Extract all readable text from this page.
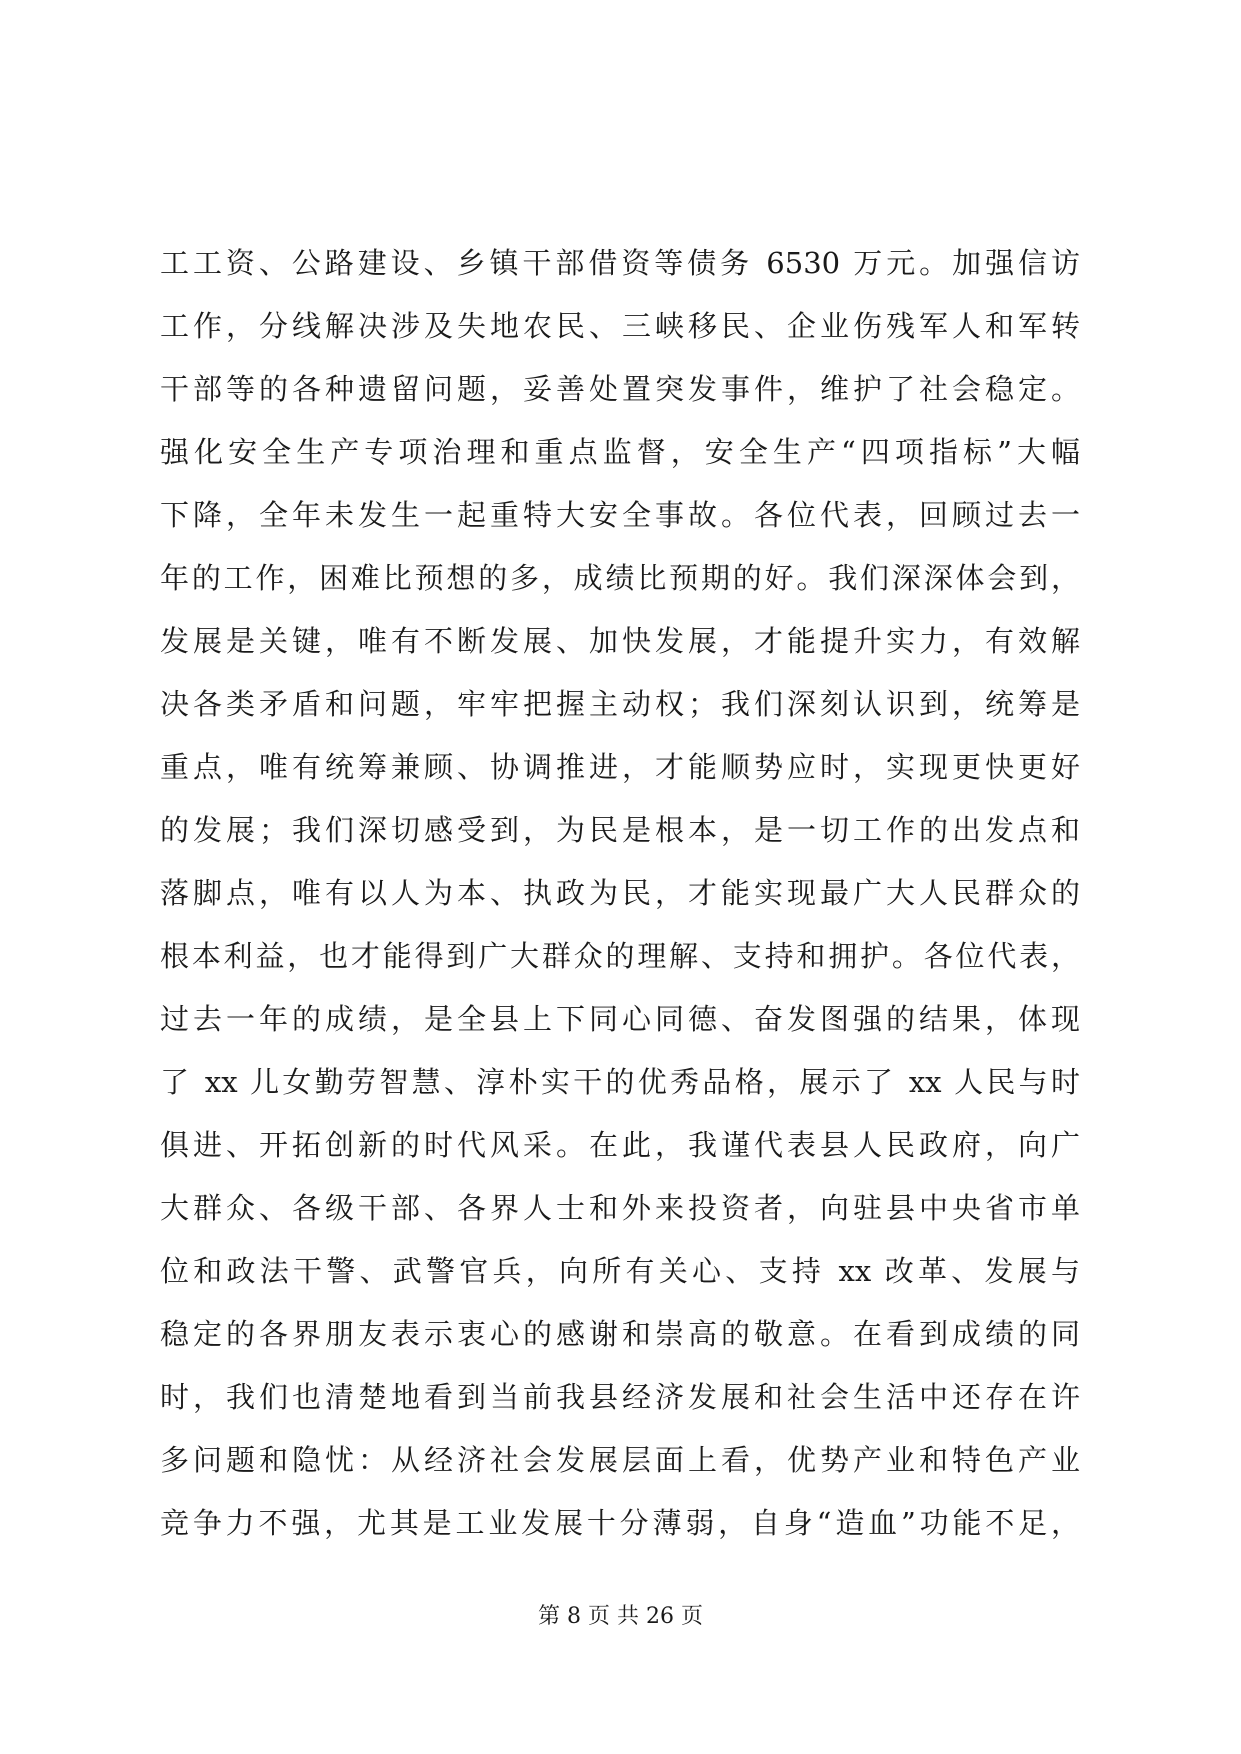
工工资、公路建设、乡镇干部借资等债务 6530 万元。加强信访
工作，分线解决涉及失地农民、三峡移民、企业伤残军人和军转
干部等的各种遗留问题，妥善处置突发事件，维护了社会稳定。
强化安全生产专项治理和重点监督，安全生产“四项指标”大幅
下降，全年未发生一起重特大安全事故。各位代表，回顾过去一
年的工作，困难比预想的多，成绩比预期的好。我们深深体会到，
发展是关键，唯有不断发展、加快发展，才能提升实力，有效解
决各类矛盾和问题，牢牢把握主动权；我们深刻认识到，统筹是
重点，唯有统筹兼顾、协调推进，才能顺势应时，实现更快更好
的发展；我们深切感受到，为民是根本，是一切工作的出发点和
落脚点，唯有以人为本、执政为民，才能实现最广大人民群众的
根本利益，也才能得到广大群众的理解、支持和拥护。各位代表，
过去一年的成绩，是全县上下同心同德、奋发图强的结果，体现
了 xx 儿女勤劳智慧、淳朴实干的优秀品格，展示了 xx 人民与时
俱进、开拓创新的时代风采。在此，我谨代表县人民政府，向广
大群众、各级干部、各界人士和外来投资者，向驻县中央省市单
位和政法干警、武警官兵，向所有关心、支持 xx 改革、发展与
稳定的各界朋友表示衷心的感谢和崇高的敬意。在看到成绩的同
时，我们也清楚地看到当前我县经济发展和社会生活中还存在许
多问题和隐忧：从经济社会发展层面上看，优势产业和特色产业
竞争力不强，尤其是工业发展十分薄弱，自身“造血”功能不足，
第 8 页 共 26 页
